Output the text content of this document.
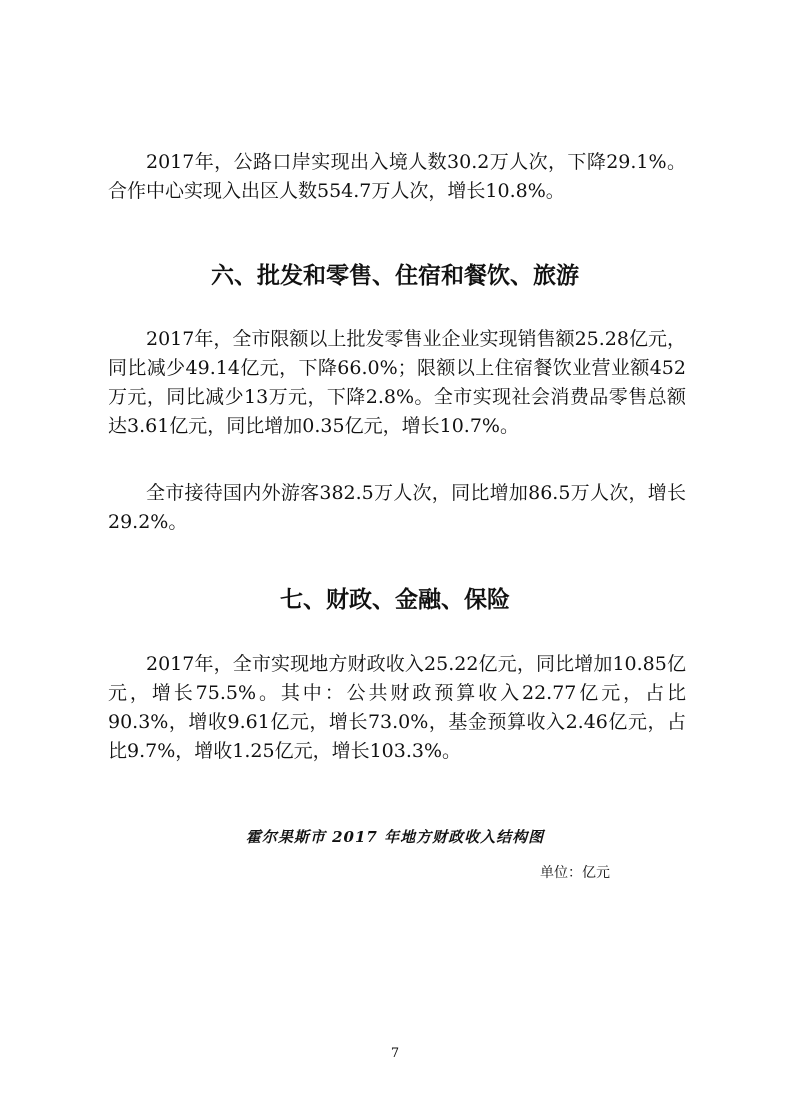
2017年，公路口岸实现出入境人数30.2万人次，下降29.1%。合作中心实现入出区人数554.7万人次，增长10.8%。

六、批发和零售、住宿和餐饮、旅游

2017年，全市限额以上批发零售业企业实现销售额25.28亿元，同比减少49.14亿元，下降66.0%；限额以上住宿餐饮业营业额452万元，同比减少13万元，下降2.8%。全市实现社会消费品零售总额达3.61亿元，同比增加0.35亿元，增长10.7%。

全市接待国内外游客382.5万人次，同比增加86.5万人次，增长29.2%。

七、财政、金融、保险

2017年，全市实现地方财政收入25.22亿元，同比增加10.85亿元，增长75.5%。其中：公共财政预算收入22.77亿元，占比90.3%，增收9.61亿元，增长73.0%，基金预算收入2.46亿元，占比9.7%，增收1.25亿元，增长103.3%。

霍尔果斯市 2017 年地方财政收入结构图
单位：亿元
7
